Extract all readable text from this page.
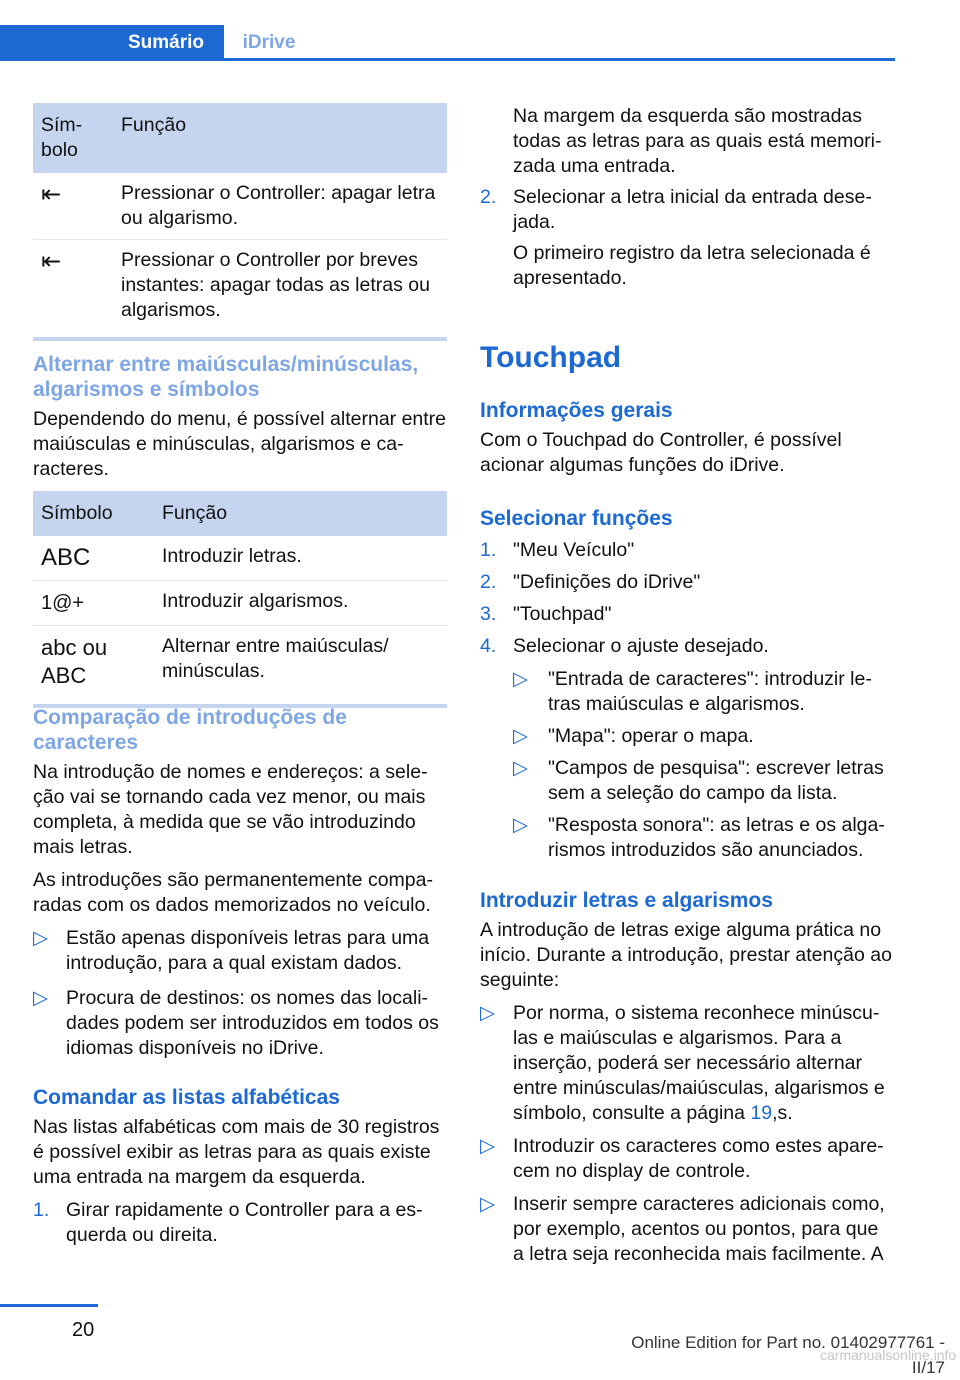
Sumário	iDrive
Sím-
bolo	Função
⇤	Pressionar o Controller: apagar letra ou algarismo.
⇤	Pressionar o Controller por breves instantes: apagar todas as letras ou algarismos.

Alternar entre maiúsculas/minúsculas, algarismos e símbolos

Dependendo do menu, é possível alternar entre maiúsculas e minúsculas, algarismos e caracteres.

Símbolo	Função
ABC	Introduzir letras.
1@+	Introduzir algarismos.
abc ou ABC	Alternar entre maiúsculas/ minúsculas.

Comparação de introduções de caracteres

Na introdução de nomes e endereços: a seleção vai se tornando cada vez menor, ou mais completa, à medida que se vão introduzindo mais letras.

As introduções são permanentemente comparadas com os dados memorizados no veículo.

▷ Estão apenas disponíveis letras para uma introdução, para a qual existam dados.
▷ Procura de destinos: os nomes das localidades podem ser introduzidos em todos os idiomas disponíveis no iDrive.

Comandar as listas alfabéticas

Nas listas alfabéticas com mais de 30 registros é possível exibir as letras para as quais existe uma entrada na margem da esquerda.

1. Girar rapidamente o Controller para a esquerda ou direita.

Na margem da esquerda são mostradas todas as letras para as quais está memorizada uma entrada.

2. Selecionar a letra inicial da entrada desejada.

O primeiro registro da letra selecionada é apresentado.

Touchpad

Informações gerais

Com o Touchpad do Controller, é possível acionar algumas funções do iDrive.

Selecionar funções

1. "Meu Veículo"
2. "Definições do iDrive"
3. "Touchpad"
4. Selecionar o ajuste desejado.
▷ "Entrada de caracteres": introduzir letras maiúsculas e algarismos.
▷ "Mapa": operar o mapa.
▷ "Campos de pesquisa": escrever letras sem a seleção do campo da lista.
▷ "Resposta sonora": as letras e os algarismos introduzidos são anunciados.

Introduzir letras e algarismos

A introdução de letras exige alguma prática no início. Durante a introdução, prestar atenção ao seguinte:

▷ Por norma, o sistema reconhece minúsculas e maiúsculas e algarismos. Para a inserção, poderá ser necessário alternar entre minúsculas/maiúsculas, algarismos e símbolo, consulte a página 19,s.
▷ Introduzir os caracteres como estes aparecem no display de controle.
▷ Inserir sempre caracteres adicionais como, por exemplo, acentos ou pontos, para que a letra seja reconhecida mais facilmente. A
20
Online Edition for Part no. 01402977761 - II/17
carmanualsonline.info
